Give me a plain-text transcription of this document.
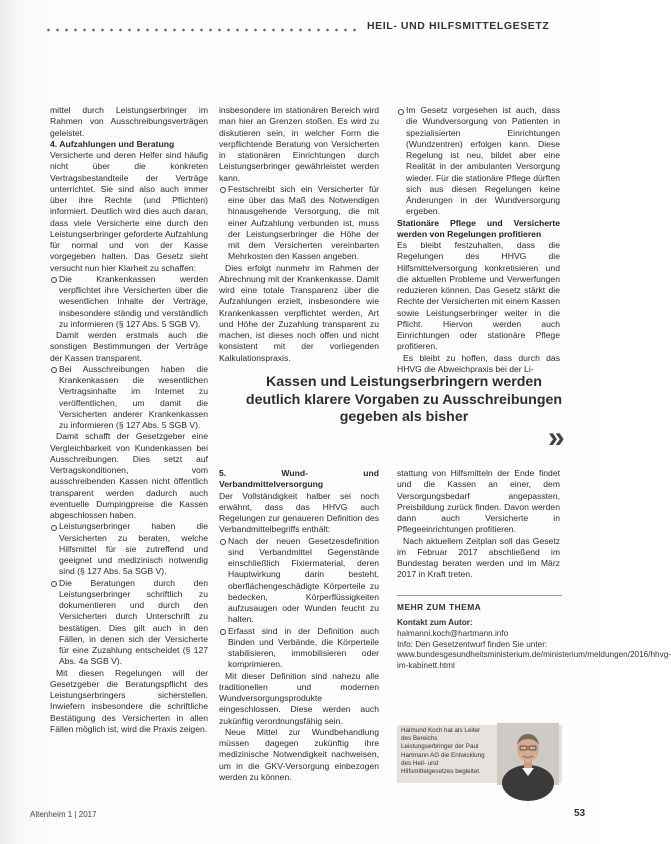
HEIL- UND HILFSMITTELGESETZ

mittel durch Leistungserbringer im Rahmen von Ausschreibungsverträgen geleistet.

4. Aufzahlungen und Beratung

Versicherte und deren Helfer sind häufig nicht über die konkreten Vertragsbestandteile der Verträge unterrichtet. Sie sind also auch immer über ihre Rechte (und Pflichten) informiert. Deutlich wird dies auch daran, dass viele Versicherte eine durch den Leistungserbringer geforderte Aufzahlung für normal und von der Kasse vorgegeben halten. Das Gesetz sieht versucht nun hier Klarheit zu schaffen:

Die Krankenkassen werden verpflichtet ihre Versicherten über die wesentlichen Inhalte der Verträge, insbesondere ständig und verständlich zu informieren (§ 127 Abs. 5 SGB V).

Damit werden erstmals auch die sonstigen Bestimmungen der Verträge der Kassen transparent.

Bei Ausschreibungen haben die Krankenkassen die wesentlichen Vertragsinhalte im Internet zu veröffentlichen, um damit die Versicherten anderer Krankenkassen zu informieren (§ 127 Abs. 5 SGB V).

Damit schafft der Gesetzgeber eine Vergleichbarkeit von Kundenkassen bei Ausschreibungen. Dies setzt auf Vertragskonditionen, vom ausschreibenden Kassen nicht öffentlich transparent werden dadurch auch eventuelle Dumpingpreise die Kassen abgeschlossen haben.

Leistungserbringer haben die Versicherten zu beraten, welche Hilfsmittel für sie zutreffend und geeignet und medizinisch notwendig sind (§ 127 Abs. 5a SGB V).
Die Beratungen durch den Leistungserbringer schriftlich zu dokumentieren und durch den Versicherten durch Unterschrift zu bestätigen. Dies gilt auch in den Fällen, in denen sich der Versicherte für eine Zuzahlung entscheidet (§ 127 Abs. 4a SGB V).

Mit diesen Regelungen will der Gesetzgeber die Beratungspflicht des Leistungserbringers sicherstellen. Inwiefern insbesondere die schriftliche Bestätigung des Versicherten in allen Fällen möglich ist, wird die Praxis zeigen.

insbesondere im stationären Bereich wird man hier an Grenzen stoßen. Es wird zu diskutieren sein, in welcher Form die verpflichtende Beratung von Versicherten in stationären Einrichtungen durch Leistungserbringer gewährleistet werden kann.

Festschreibt sich ein Versicherter für eine über das Maß des Notwendigen hinausgehende Versorgung, die mit einer Aufzahlung verbunden ist, muss der Leistungserbringer die Höhe der mit dem Versicherten vereinbarten Mehrkosten den Kassen angeben.

Dies erfolgt nunmehr im Rahmen der Abrechnung mit der Krankenkasse. Damit wird eine totale Transparenz über die Aufzahlungen erzielt, insbesondere wie Krankenkassen verpflichtet werden, Art und Höhe der Zuzahlung transparent zu machen, ist dieses noch offen und nicht konsistent mit der vorliegenden Kalkulationspraxis.

Im Gesetz vorgesehen ist auch, dass die Wundversorgung von Patienten in spezialisierten Einrichtungen (Wundzentren) erfolgen kann. Diese Regelung ist neu, bildet aber eine Realität in der ambulanten Versorgung wieder. Für die stationäre Pflege dürften sich aus diesen Regelungen keine Änderungen in der Wundversorgung ergeben.

Stationäre Pflege und Versicherte werden von Regelungen profitieren

Es bleibt festzuhalten, dass die Regelungen des HHVG die Hilfsmittelversorgung konkretisieren und die aktuellen Probleme und Verwerfungen reduzieren können. Das Gesetz stärkt die Rechte der Versicherten mit einem Kassen sowie Leistungserbringer weiter in die Pflicht. Hiervon werden auch Einrichtungen oder stationäre Pflege profitieren.

Es bleibt zu hoffen, dass durch das HHVG die Abweichpraxis bei der Li-

Kassen und Leistungserbringern werden
deutlich klarere Vorgaben zu Ausschreibungen
gegeben als bisher
»

5. Wund- und Verbandmittelversorgung

Der Vollständigkeit halber sei noch erwähnt, dass das HHVG auch Regelungen zur genaueren Definition des Verbandmittelbegriffs enthält:

Nach der neuen Gesetzesdefinition sind Verbandmittel Gegenstände einschließlich Fixiermaterial, deren Hauptwirkung darin besteht, oberflächengeschädigte Körperteile zu bedecken, Körperflüssigkeiten aufzusaugen oder Wunden feucht zu halten.
Erfasst sind in der Definition auch Binden und Verbände, die Körperteile stabilisieren, immobilisieren oder komprimieren.

Mit dieser Definition sind nahezu alle traditionellen und modernen Wundversorgungsprodukte eingeschlossen. Diese werden auch zukünftig verordnungsfähig sein.

Neue Mittel zur Wundbehandlung müssen dagegen zukünftig ihre medizinische Notwendigkeit nachweisen, um in die GKV-Versorgung einbezogen werden zu können.

stattung von Hilfsmitteln der Ende findet und die Kassen an einer, dem Versorgungsbedarf angepassten, Preisbildung zurück finden. Davon werden dann auch Versicherte in Pflegeeinrichtungen profitieren.

Nach aktuellem Zeitplan soll das Gesetz im Februar 2017 abschließend im Bundestag beraten werden und im März 2017 in Kraft treten.

MEHR ZUM THEMA

Kontakt zum Autor:

halmanni.koch@hartmann.info

Info: Den Gesetzentwurf finden Sie unter: www.bundesgesundheitsministerium.de/ministerium/meldungen/2016/hhvg-im-kabinett.html

Halmund Koch hat als Leiter des Bereichs Leistungserbringer der Paul Hartmann AG die Entwicklung des Heil- und Hilfsmittelgesetzes begleitet.
Altenheim 1 | 2017	53
